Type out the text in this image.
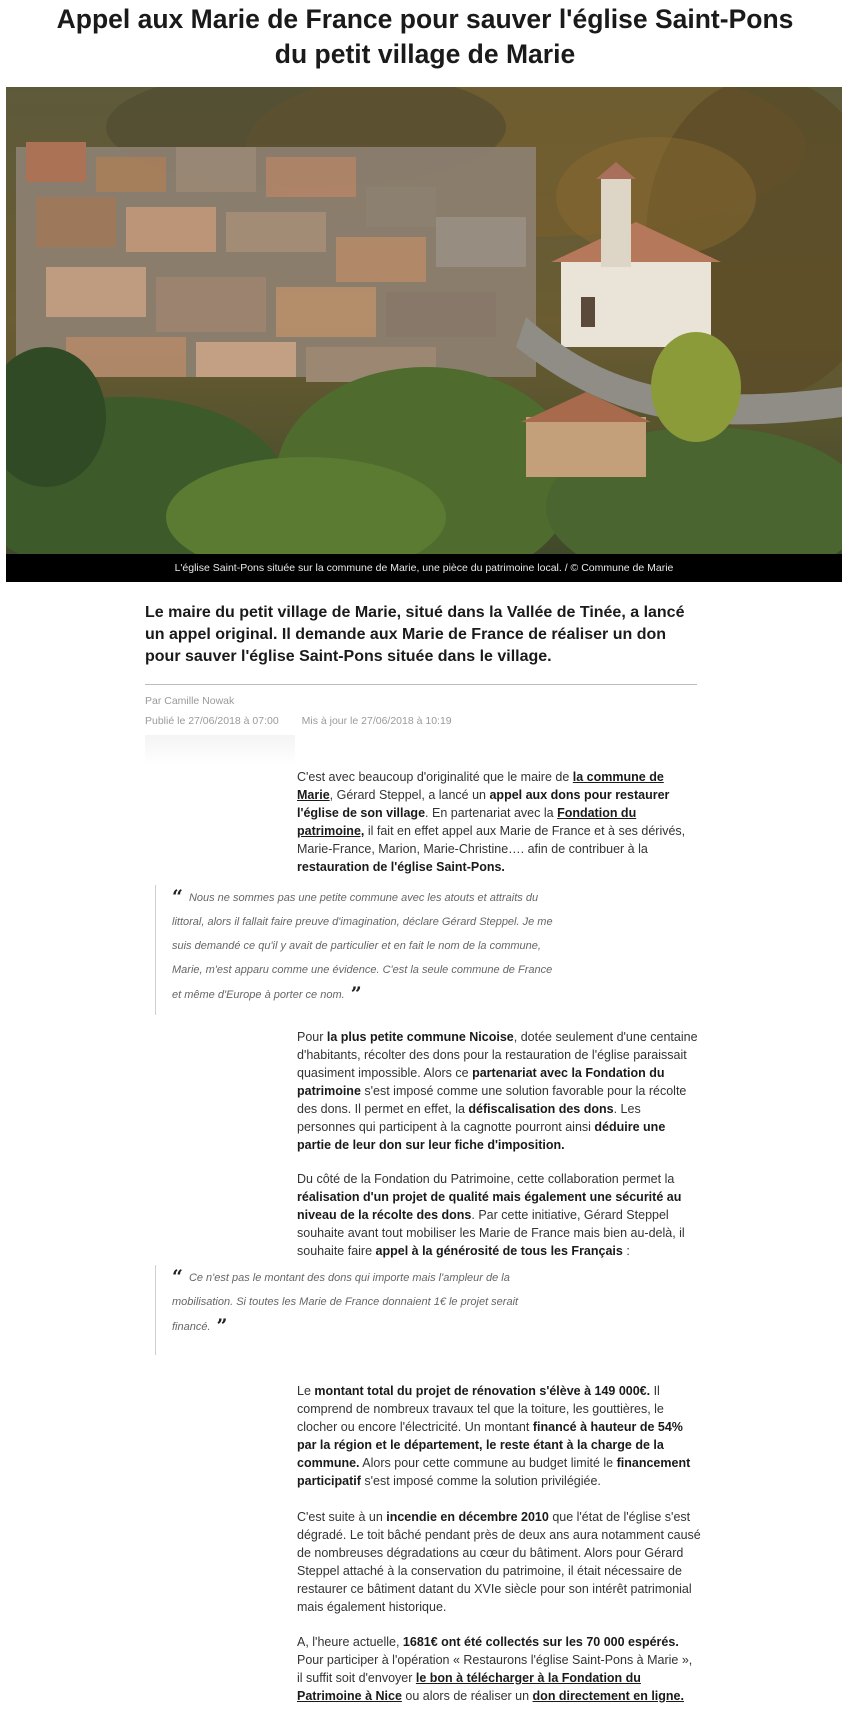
Appel aux Marie de France pour sauver l'église Saint-Pons
du petit village de Marie
L'église Saint-Pons située sur la commune de Marie, une pièce du patrimoine local. / © Commune de Marie

Le maire du petit village de Marie, situé dans la Vallée de Tinée, a lancé un appel original. Il demande aux Marie de France de réaliser un don pour sauver l'église Saint-Pons située dans le village.

Par Camille Nowak
Publié le 27/06/2018 à 07:00 Mis à jour le 27/06/2018 à 10:19

C'est avec beaucoup d'originalité que le maire de la commune de Marie, Gérard Steppel, a lancé un appel aux dons pour restaurer l'église de son village. En partenariat avec la Fondation du patrimoine, il fait en effet appel aux Marie de France et à ses dérivés, Marie-France, Marion, Marie-Christine…. afin de contribuer à la restauration de l'église Saint-Pons.

“ Nous ne sommes pas une petite commune avec les atouts et attraits du littoral, alors il fallait faire preuve d'imagination, déclare Gérard Steppel. Je me suis demandé ce qu'il y avait de particulier et en fait le nom de la commune, Marie, m'est apparu comme une évidence. C'est la seule commune de France et même d'Europe à porter ce nom. ”

Pour la plus petite commune Nicoise, dotée seulement d'une centaine d'habitants, récolter des dons pour la restauration de l'église paraissait quasiment impossible. Alors ce partenariat avec la Fondation du patrimoine s'est imposé comme une solution favorable pour la récolte des dons. Il permet en effet, la défiscalisation des dons. Les personnes qui participent à la cagnotte pourront ainsi déduire une partie de leur don sur leur fiche d'imposition.

Du côté de la Fondation du Patrimoine, cette collaboration permet la réalisation d'un projet de qualité mais également une sécurité au niveau de la récolte des dons. Par cette initiative, Gérard Steppel souhaite avant tout mobiliser les Marie de France mais bien au-delà, il souhaite faire appel à la générosité de tous les Français :

“ Ce n'est pas le montant des dons qui importe mais l'ampleur de la mobilisation. Si toutes les Marie de France donnaient 1€ le projet serait financé. ”

Le montant total du projet de rénovation s'élève à 149 000€. Il comprend de nombreux travaux tel que la toiture, les gouttières, le clocher ou encore l'électricité. Un montant financé à hauteur de 54% par la région et le département, le reste étant à la charge de la commune. Alors pour cette commune au budget limité le financement participatif s'est imposé comme la solution privilégiée.

C'est suite à un incendie en décembre 2010 que l'état de l'église s'est dégradé. Le toit bâché pendant près de deux ans aura notamment causé de nombreuses dégradations au cœur du bâtiment. Alors pour Gérard Steppel attaché à la conservation du patrimoine, il était nécessaire de restaurer ce bâtiment datant du XVIe siècle pour son intérêt patrimonial mais également historique.

A, l'heure actuelle, 1681€ ont été collectés sur les 70 000 espérés. Pour participer à l'opération « Restaurons l'église Saint-Pons à Marie », il suffit soit d'envoyer le bon à télécharger à la Fondation du Patrimoine à Nice ou alors de réaliser un don directement en ligne.
